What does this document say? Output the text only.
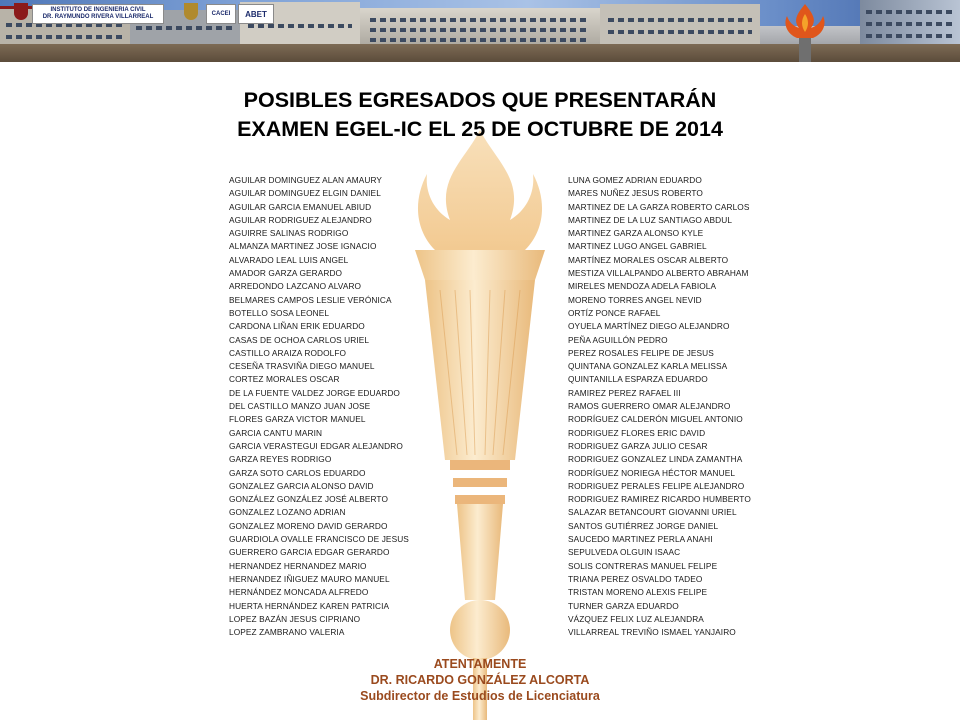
INSTITUTO DE INGENIERIA CIVIL
DR. RAYMUNDO RIVERA VILLARREAL
CACEI ABET
POSIBLES EGRESADOS QUE PRESENTARÁN
EXAMEN EGEL-IC EL 25 DE OCTUBRE DE 2014
AGUILAR DOMINGUEZ ALAN AMAURY
AGUILAR DOMINGUEZ ELGIN DANIEL
AGUILAR GARCIA EMANUEL ABIUD
AGUILAR RODRIGUEZ ALEJANDRO
AGUIRRE SALINAS RODRIGO
ALMANZA MARTINEZ JOSE IGNACIO
ALVARADO LEAL LUIS ANGEL
AMADOR GARZA GERARDO
ARREDONDO LAZCANO ALVARO
BELMARES CAMPOS LESLIE VERÓNICA
BOTELLO SOSA LEONEL
CARDONA LIÑAN ERIK EDUARDO
CASAS DE OCHOA CARLOS URIEL
CASTILLO ARAIZA RODOLFO
CESEÑA TRASVIÑA DIEGO MANUEL
CORTEZ MORALES OSCAR
DE LA FUENTE VALDEZ JORGE EDUARDO
DEL CASTILLO MANZO JUAN JOSE
FLORES GARZA VICTOR MANUEL
GARCIA CANTU MARIN
GARCIA VERASTEGUI EDGAR ALEJANDRO
GARZA REYES RODRIGO
GARZA SOTO CARLOS EDUARDO
GONZALEZ GARCIA ALONSO DAVID
GONZÁLEZ GONZÁLEZ JOSÉ ALBERTO
GONZALEZ LOZANO ADRIAN
GONZALEZ MORENO DAVID GERARDO
GUARDIOLA OVALLE FRANCISCO DE JESUS
GUERRERO GARCIA EDGAR GERARDO
HERNANDEZ HERNANDEZ MARIO
HERNANDEZ IÑIGUEZ MAURO MANUEL
HERNÁNDEZ MONCADA ALFREDO
HUERTA HERNÁNDEZ KAREN PATRICIA
LOPEZ BAZÁN JESUS CIPRIANO
LOPEZ ZAMBRANO VALERIA
LUNA GOMEZ ADRIAN EDUARDO
MARES NUÑEZ JESUS ROBERTO
MARTINEZ DE LA GARZA ROBERTO CARLOS
MARTINEZ DE LA LUZ SANTIAGO ABDUL
MARTINEZ GARZA ALONSO KYLE
MARTINEZ LUGO ANGEL GABRIEL
MARTÍNEZ MORALES OSCAR ALBERTO
MESTIZA VILLALPANDO ALBERTO ABRAHAM
MIRELES MENDOZA ADELA FABIOLA
MORENO TORRES ANGEL NEVID
ORTÍZ PONCE RAFAEL
OYUELA MARTÍNEZ DIEGO ALEJANDRO
PEÑA AGUILLÓN PEDRO
PEREZ ROSALES FELIPE DE JESUS
QUINTANA GONZALEZ KARLA MELISSA
QUINTANILLA ESPARZA EDUARDO
RAMIREZ PEREZ RAFAEL III
RAMOS GUERRERO OMAR ALEJANDRO
RODRÍGUEZ CALDERÓN MIGUEL ANTONIO
RODRIGUEZ FLORES ERIC DAVID
RODRIGUEZ GARZA JULIO CESAR
RODRIGUEZ GONZALEZ LINDA ZAMANTHA
RODRÍGUEZ NORIEGA HÉCTOR MANUEL
RODRIGUEZ PERALES FELIPE ALEJANDRO
RODRIGUEZ RAMIREZ RICARDO HUMBERTO
SALAZAR BETANCOURT GIOVANNI URIEL
SANTOS GUTIÉRREZ JORGE DANIEL
SAUCEDO MARTINEZ PERLA ANAHI
SEPULVEDA OLGUIN ISAAC
SOLIS CONTRERAS MANUEL FELIPE
TRIANA PEREZ OSVALDO TADEO
TRISTAN MORENO ALEXIS FELIPE
TURNER GARZA EDUARDO
VÁZQUEZ FELIX LUZ ALEJANDRA
VILLARREAL TREVIÑO ISMAEL YANJAIRO
ATENTAMENTE
DR. RICARDO GONZÁLEZ ALCORTA
Subdirector de Estudios de Licenciatura
